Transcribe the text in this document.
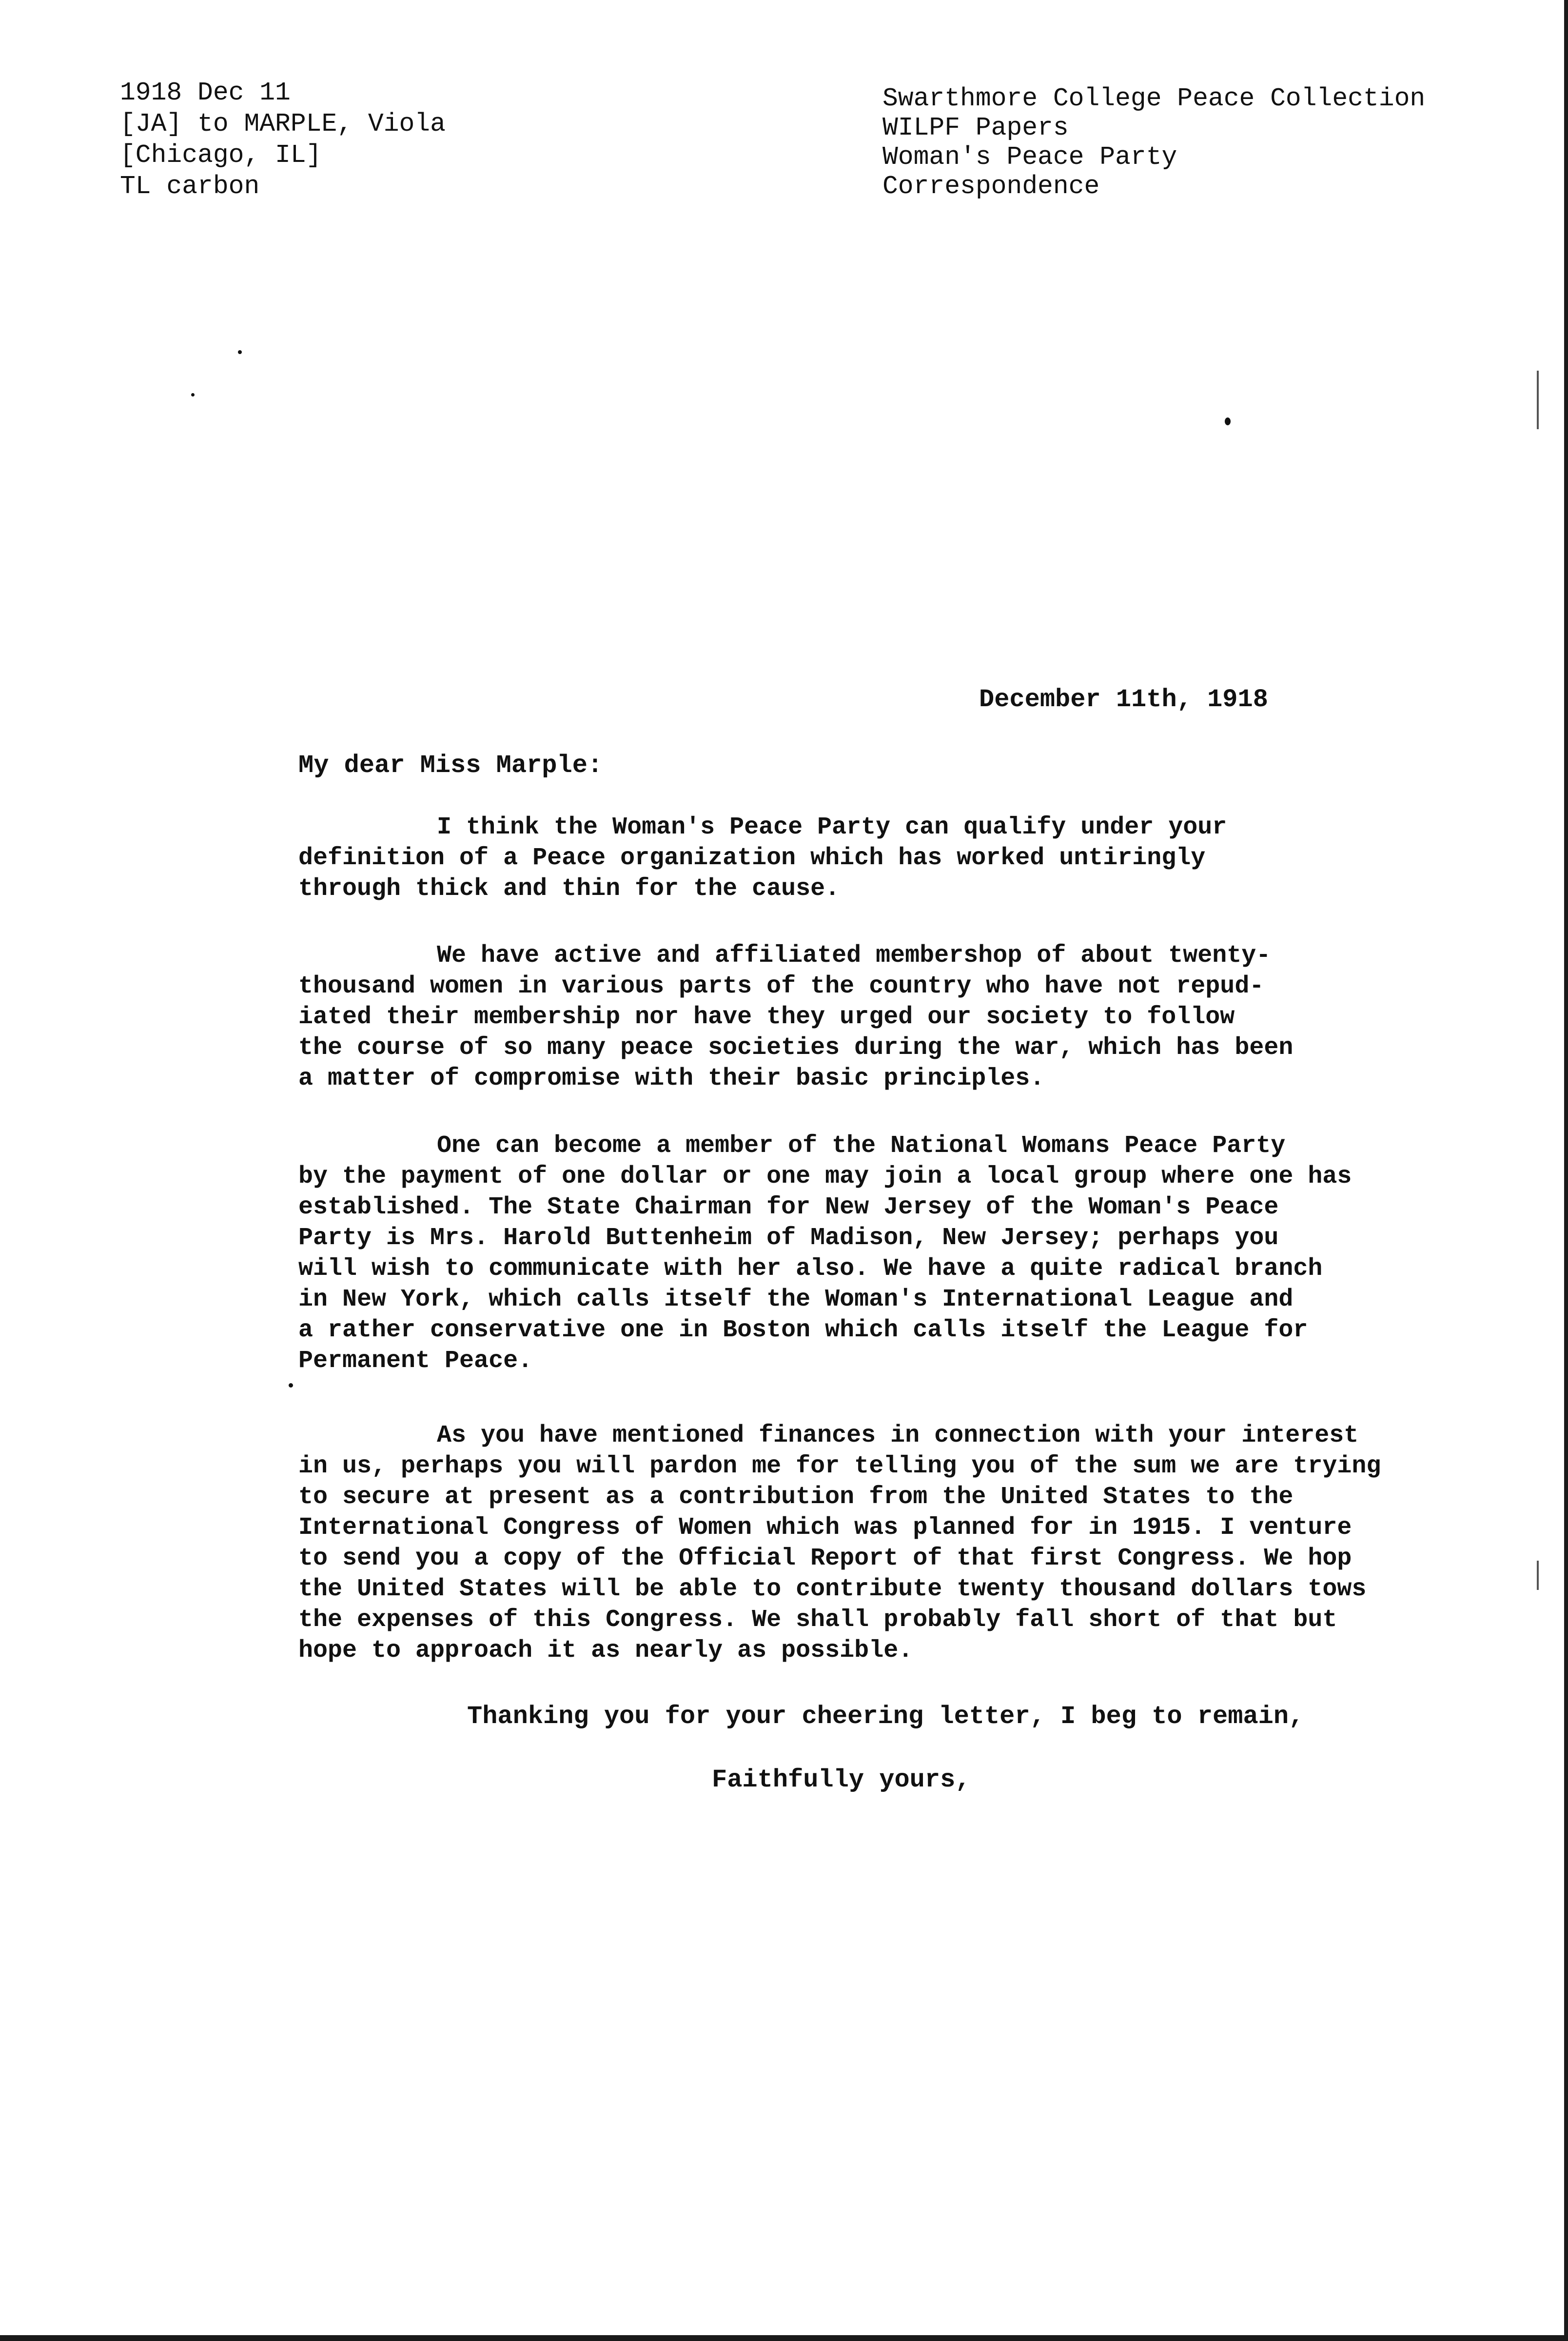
1918 Dec 11
[JA] to MARPLE, Viola
[Chicago, IL]
TL carbon
Swarthmore College Peace Collection
WILPF Papers
Woman's Peace Party
Correspondence
December 11th, 1918
My dear Miss Marple:
I think the Woman's Peace Party can qualify under your
definition of a Peace organization which has worked untiringly
through thick and thin for the cause.
We have active and affiliated membershop of about twenty-
thousand women in various parts of the country who have not repud-
iated their membership nor have they urged our society to follow
the course of so many peace societies during the war, which has been
a matter of compromise with their basic principles.
One can become a member of the National Womans Peace Party
by the payment of one dollar or one may join a local group where one has
established. The State Chairman for New Jersey of the Woman's Peace
Party is Mrs. Harold Buttenheim of Madison, New Jersey; perhaps you
will wish to communicate with her also. We have a quite radical branch
in New York, which calls itself the Woman's International League and
a rather conservative one in Boston which calls itself the League for
Permanent Peace.
As you have mentioned finances in connection with your interest
in us, perhaps you will pardon me for telling you of the sum we are trying
to secure at present as a contribution from the United States to the
International Congress of Women which was planned for in 1915. I venture
to send you a copy of the Official Report of that first Congress. We hop
the United States will be able to contribute twenty thousand dollars tows
the expenses of this Congress. We shall probably fall short of that but
hope to approach it as nearly as possible.
Thanking you for your cheering letter, I beg to remain,
Faithfully yours,
